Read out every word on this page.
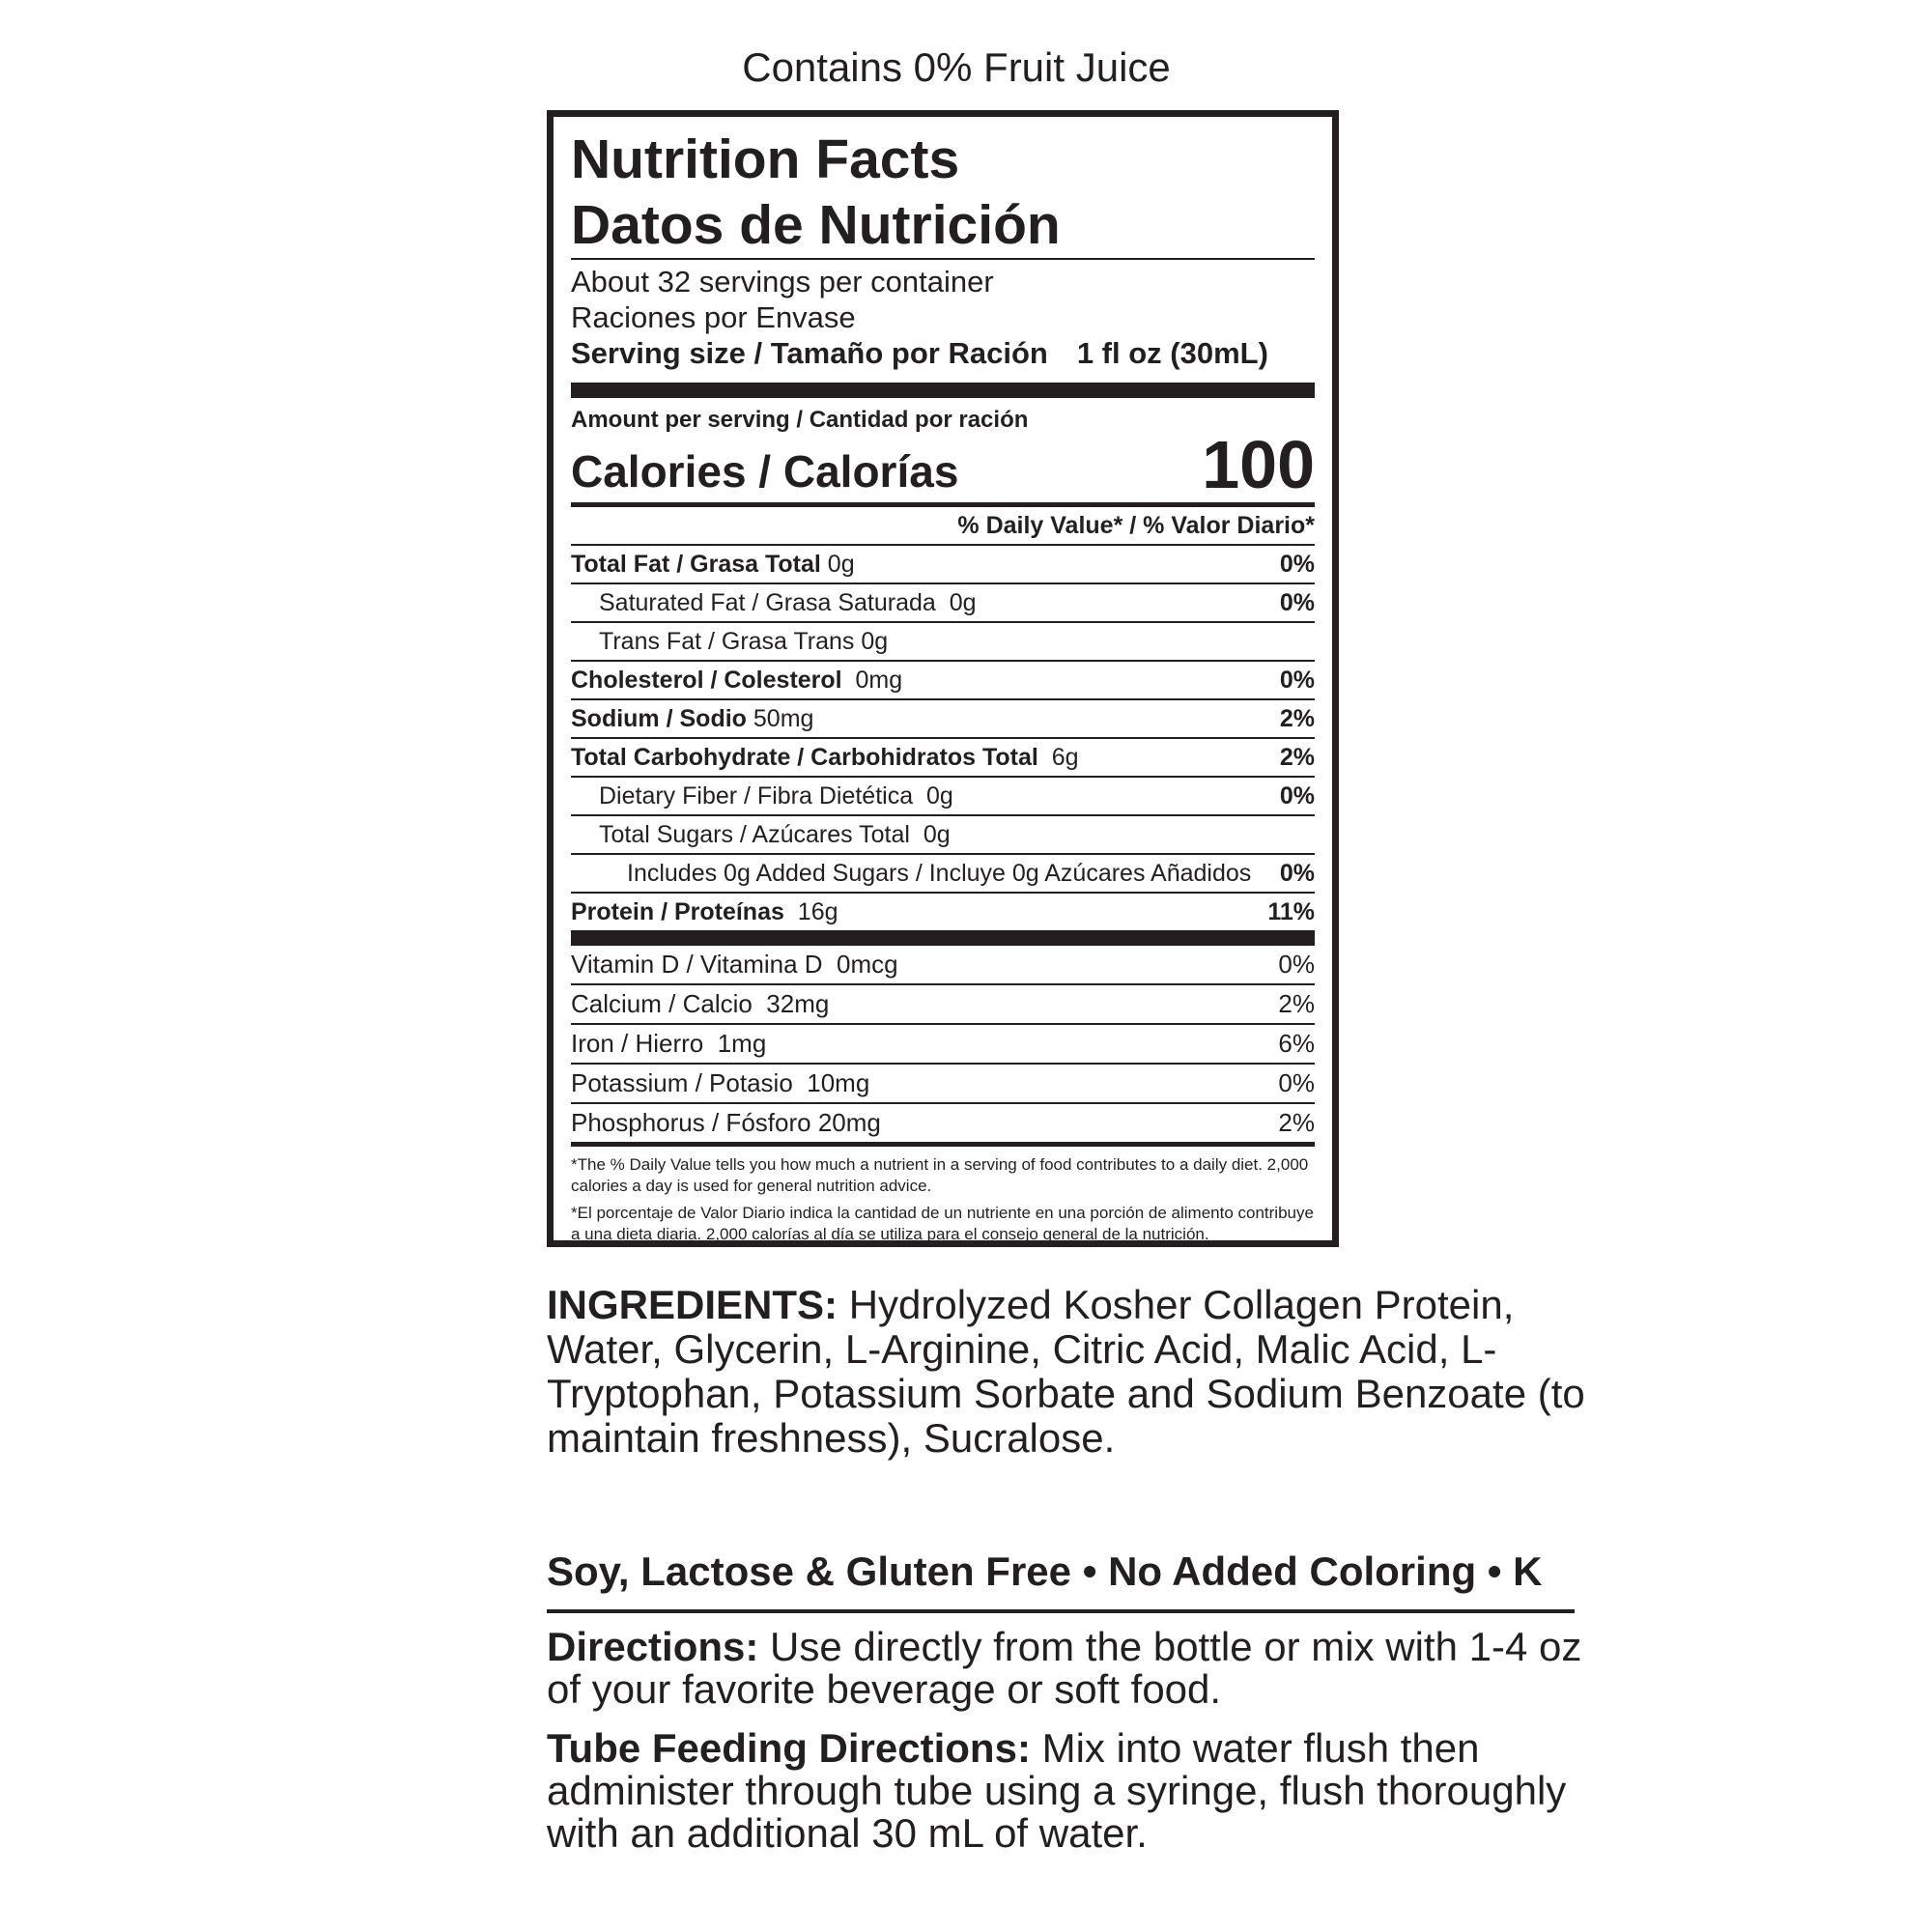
Contains 0% Fruit Juice
Nutrition Facts
Datos de Nutrición
About 32 servings per container
Raciones por Envase
Serving size / Tamaño por Ración 1 fl oz (30mL)
Amount per serving / Cantidad por ración
Calories / Calorías	100
% Daily Value* / % Valor Diario*
Total Fat / Grasa Total 0g	0%
Saturated Fat / Grasa Saturada 0g	0%
Trans Fat / Grasa Trans 0g
Cholesterol / Colesterol 0mg	0%
Sodium / Sodio 50mg	2%
Total Carbohydrate / Carbohidratos Total 6g	2%
Dietary Fiber / Fibra Dietética 0g	0%
Total Sugars / Azúcares Total 0g
Includes 0g Added Sugars / Incluye 0g Azúcares Añadidos 0%
Protein / Proteínas 16g	11%
Vitamin D / Vitamina D 0mcg	0%
Calcium / Calcio 32mg	2%
Iron / Hierro 1mg	6%
Potassium / Potasio 10mg	0%
Phosphorus / Fósforo 20mg	2%

*The % Daily Value tells you how much a nutrient in a serving of food contributes to a daily diet. 2,000 calories a day is used for general nutrition advice.

*El porcentaje de Valor Diario indica la cantidad de un nutriente en una porción de alimento contribuye a una dieta diaria. 2,000 calorías al día se utiliza para el consejo general de la nutrición.

INGREDIENTS: Hydrolyzed Kosher Collagen Protein, Water, Glycerin, L-Arginine, Citric Acid, Malic Acid, L-Tryptophan, Potassium Sorbate and Sodium Benzoate (to maintain freshness), Sucralose.
Soy, Lactose & Gluten Free • No Added Coloring • K
Directions: Use directly from the bottle or mix with 1-4 oz of your favorite beverage or soft food.
Tube Feeding Directions: Mix into water flush then administer through tube using a syringe, flush thoroughly with an additional 30 mL of water.
